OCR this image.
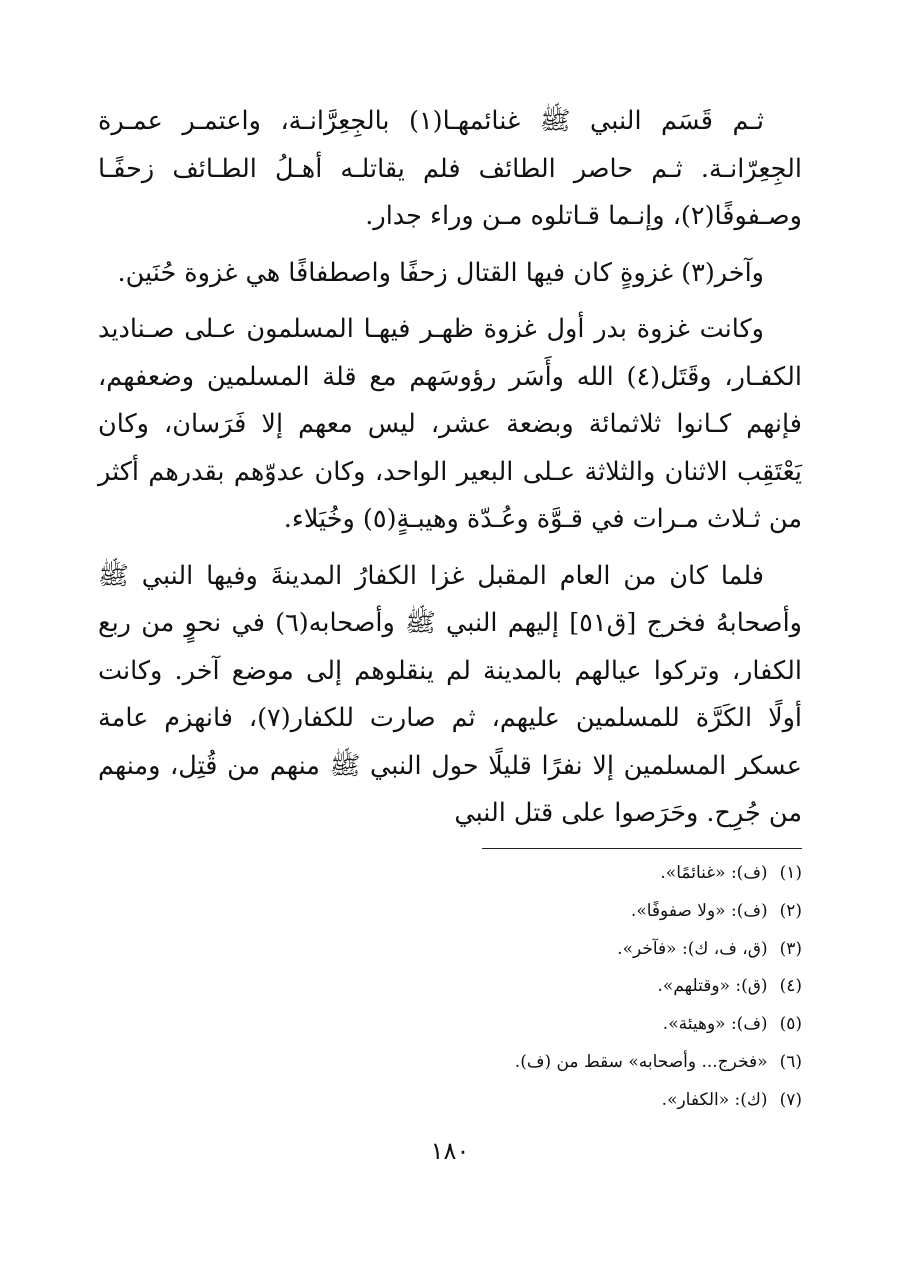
ثـم قَسَم النبي ﷺ غنائمهـا(١) بالجِعِرَّانـة، واعتمـر عمـرة الجِعِرّانـة. ثـم حاصر الطائف فلم يقاتلـه أهـلُ الطـائف زحفًـا وصـفوفًا(٢)، وإنـما قـاتلوه مـن وراء جدار.

وآخر(٣) غزوةٍ كان فيها القتال زحفًا واصطفافًا هي غزوة حُنَين.

وكانت غزوة بدر أول غزوة ظهـر فيهـا المسلمون عـلى صـناديد الكفـار، وقَتَل(٤) الله وأَسَر رؤوسَهم مع قلة المسلمين وضعفهم، فإنهم كـانوا ثلاثمائة وبضعة عشر، ليس معهم إلا فَرَسان، وكان يَعْتَقِب الاثنان والثلاثة عـلى البعير الواحد، وكان عدوّهم بقدرهم أكثر من ثـلاث مـرات في قـوَّة وعُـدّة وهيبـةٍ(٥) وخُيَلاء.

فلما كان من العام المقبل غزا الكفارُ المدينةَ وفيها النبي ﷺ وأصحابهُ فخرج [ق٥١] إليهم النبي ﷺ وأصحابه(٦) في نحوٍ من ربع الكفار، وتركوا عيالهم بالمدينة لم ينقلوهم إلى موضع آخر. وكانت أولًا الكَرَّة للمسلمين عليهم، ثم صارت للكفار(٧)، فانهزم عامة عسكر المسلمين إلا نفرًا قليلًا حول النبي ﷺ منهم من قُتِل، ومنهم من جُرِح. وحَرَصوا على قتل النبي

(١)(ف): «غنائمًا».
(٢)(ف): «ولا صفوفًا».
(٣)(ق، ف، ك): «فآخر».
(٤)(ق): «وقتلهم».
(٥)(ف): «وهيئة».
(٦)«فخرج... وأصحابه» سقط من (ف).
(٧)(ك): «الكفار».
١٨٠
